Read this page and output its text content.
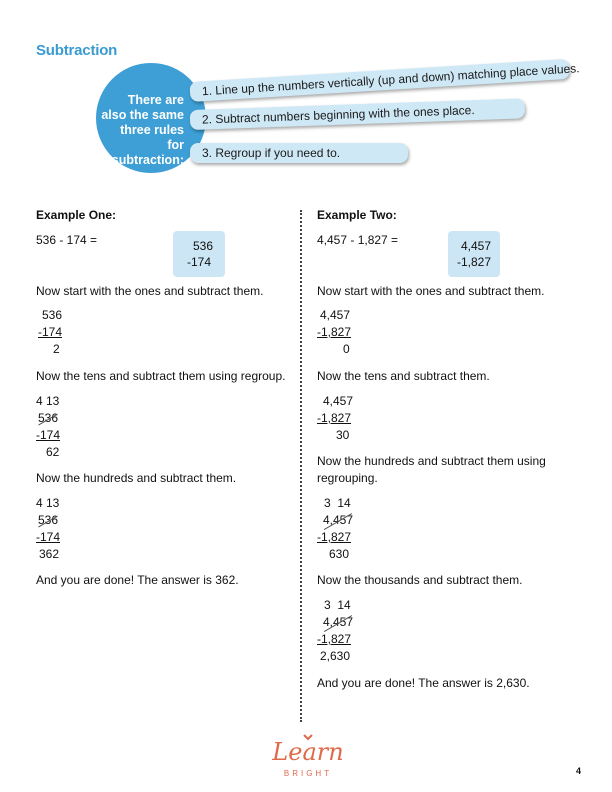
Subtraction
There are
also the same
three rules for
subtraction:
1. Line up the numbers vertically (up and down) matching place values.
2. Subtract numbers beginning with the ones place.
3. Regroup if you need to.
Example One:
536 - 174 =	536
-174
Now start with the ones and subtract them.
536
-174
2
Now the tens and subtract them using regroup.
4 13
536
-174
62
Now the hundreds and subtract them.
4 13
536
-174
362
And you are done! The answer is 362.
Example Two:
4,457 - 1,827 =	4,457
-1,827
Now start with the ones and subtract them.
4,457
-1,827
0
Now the tens and subtract them.
4,457
-1,827
30
Now the hundreds and subtract them using
regrouping.
3  14
4,457
-1,827
630
Now the thousands and subtract them.
3  14
4,457
-1,827
2,630
And you are done! The answer is 2,630.
Learn
BRIGHT	4
